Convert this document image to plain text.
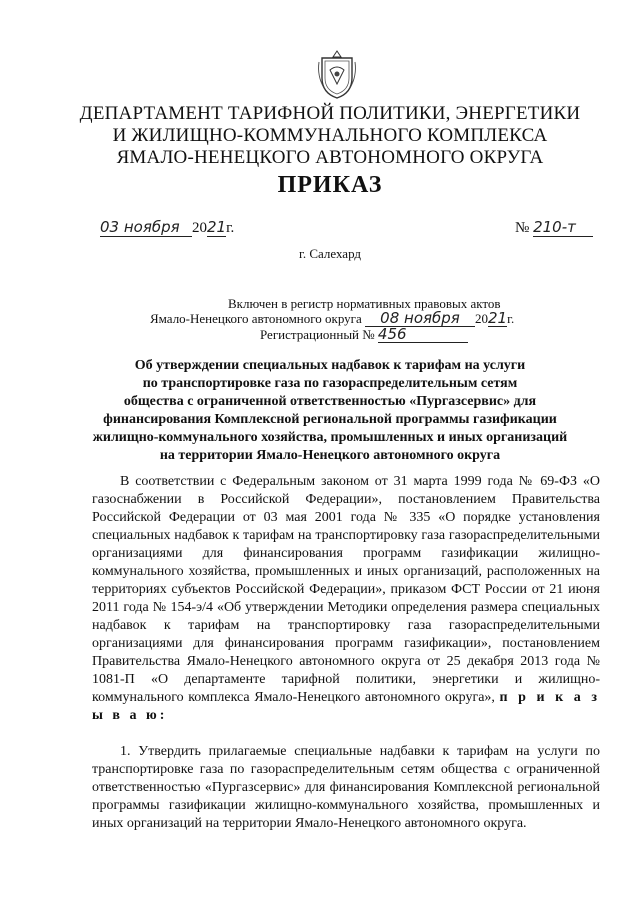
ДЕПАРТАМЕНТ ТАРИФНОЙ ПОЛИТИКИ, ЭНЕРГЕТИКИ
И ЖИЛИЩНО-КОММУНАЛЬНОГО КОМПЛЕКСА
ЯМАЛО-НЕНЕЦКОГО АВТОНОМНОГО ОКРУГА
ПРИКАЗ
03 ноября 2021г.	№ 210-т
г. Салехард
Включен в регистр нормативных правовых актов
Ямало-Ненецкого автономного округа 08 ноября 2021г.
Регистрационный № 456
Об утверждении специальных надбавок к тарифам на услуги
по транспортировке газа по газораспределительным сетям
общества с ограниченной ответственностью «Пургазсервис» для
финансирования Комплексной региональной программы газификации
жилищно-коммунального хозяйства, промышленных и иных организаций
на территории Ямало-Ненецкого автономного округа

В соответствии с Федеральным законом от 31 марта 1999 года № 69-ФЗ «О газоснабжении в Российской Федерации», постановлением Правительства Российской Федерации от 03 мая 2001 года № 335 «О порядке установления специальных надбавок к тарифам на транспортировку газа газораспределительными организациями для финансирования программ газификации жилищно-коммунального хозяйства, промышленных и иных организаций, расположенных на территориях субъектов Российской Федерации», приказом ФСТ России от 21 июня 2011 года № 154-э/4 «Об утверждении Методики определения размера специальных надбавок к тарифам на транспортировку газа газораспределительными организациями для финансирования программ газификации», постановлением Правительства Ямало-Ненецкого автономного округа от 25 декабря 2013 года № 1081-П «О департаменте тарифной политики, энергетики и жилищно-коммунального комплекса Ямало-Ненецкого автономного округа», п р и к а з ы в а ю:

1. Утвердить прилагаемые специальные надбавки к тарифам на услуги по транспортировке газа по газораспределительным сетям общества с ограниченной ответственностью «Пургазсервис» для финансирования Комплексной региональной программы газификации жилищно-коммунального хозяйства, промышленных и иных организаций на территории Ямало-Ненецкого автономного округа.
